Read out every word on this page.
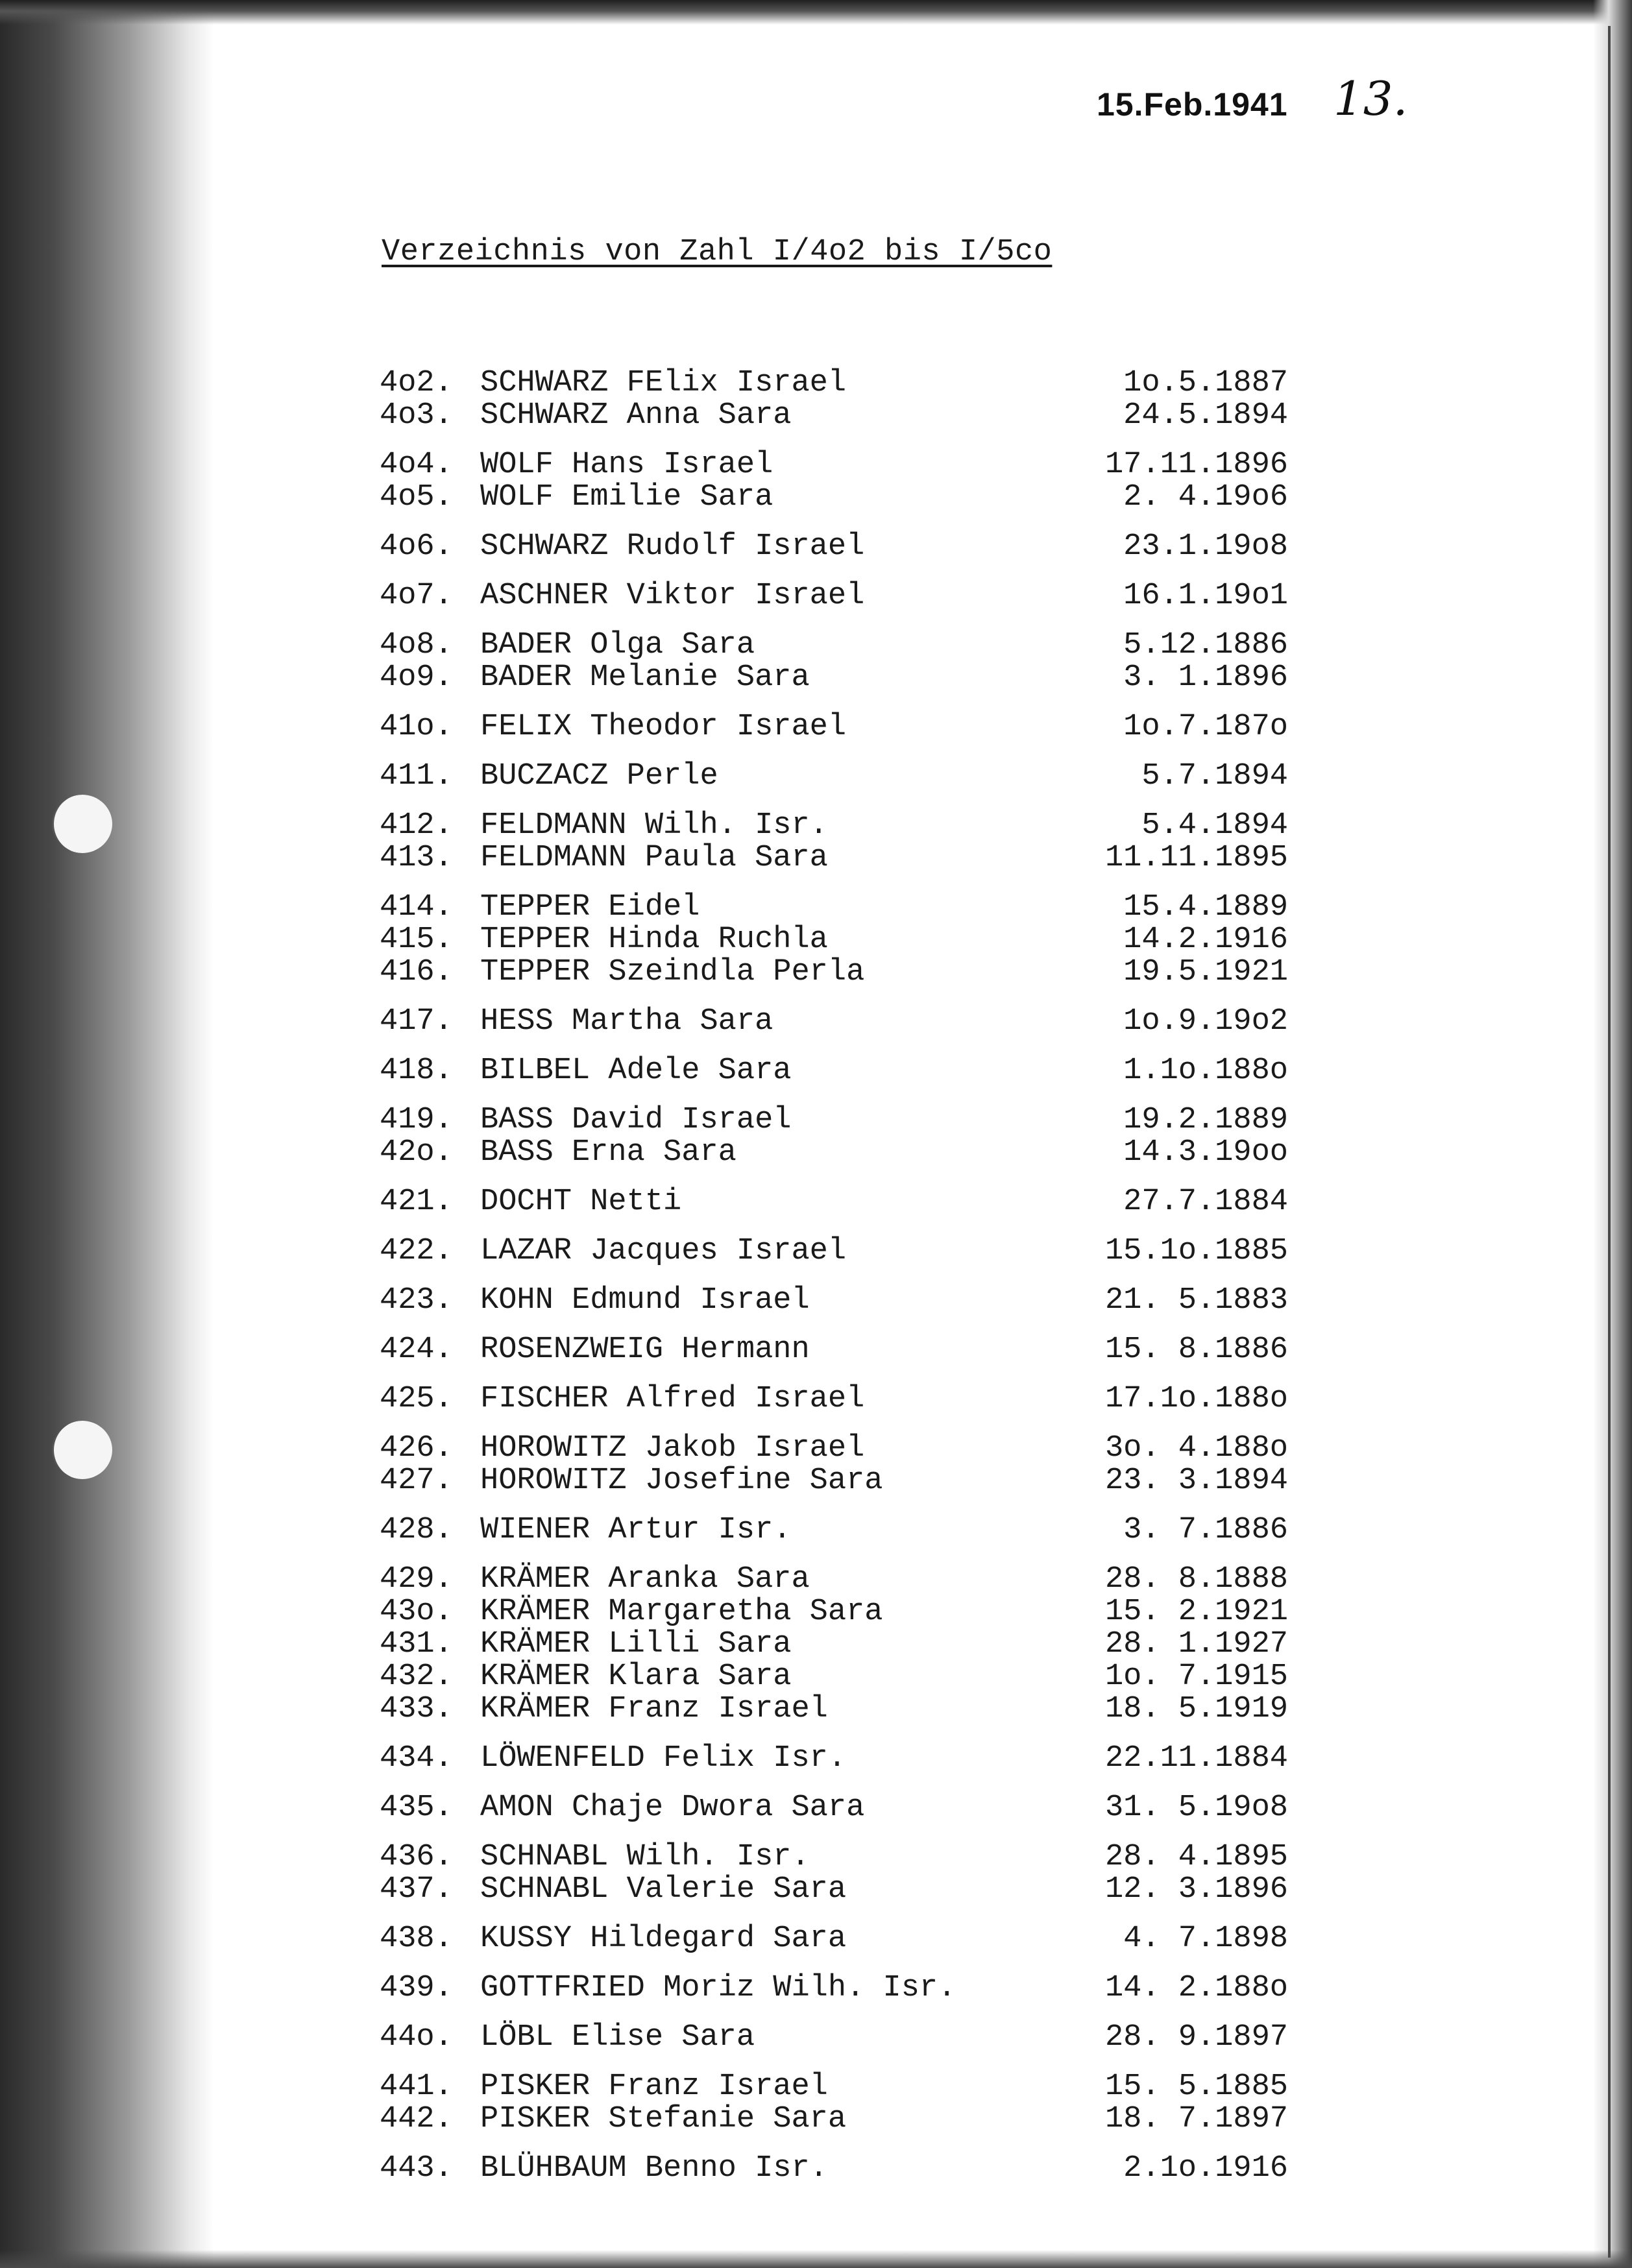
15.Feb.1941 13.
Verzeichnis von Zahl I/4o2 bis I/5co
4o2. SCHWARZ FElix Israel	1o.5.1887
4o3. SCHWARZ Anna Sara	24.5.1894
4o4. WOLF Hans Israel	17.11.1896
4o5. WOLF Emilie Sara	2. 4.19o6
4o6. SCHWARZ Rudolf Israel	23.1.19o8
4o7. ASCHNER Viktor Israel	16.1.19o1
4o8. BADER Olga Sara	5.12.1886
4o9. BADER Melanie Sara	3. 1.1896
41o. FELIX Theodor Israel	1o.7.187o
411. BUCZACZ Perle	5.7.1894
412. FELDMANN Wilh. Isr.	5.4.1894
413. FELDMANN Paula Sara	11.11.1895
414. TEPPER Eidel	15.4.1889
415. TEPPER Hinda Ruchla	14.2.1916
416. TEPPER Szeindla Perla	19.5.1921
417. HESS Martha Sara	1o.9.19o2
418. BILBEL Adele Sara	1.1o.188o
419. BASS David Israel	19.2.1889
42o. BASS Erna Sara	14.3.19oo
421. DOCHT Netti	27.7.1884
422. LAZAR Jacques Israel	15.1o.1885
423. KOHN Edmund Israel	21. 5.1883
424. ROSENZWEIG Hermann	15. 8.1886
425. FISCHER Alfred Israel	17.1o.188o
426. HOROWITZ Jakob Israel	3o. 4.188o
427. HOROWITZ Josefine Sara	23. 3.1894
428. WIENER Artur Isr.	3. 7.1886
429. KRÄMER Aranka Sara	28. 8.1888
43o. KRÄMER Margaretha Sara	15. 2.1921
431. KRÄMER Lilli Sara	28. 1.1927
432. KRÄMER Klara Sara	1o. 7.1915
433. KRÄMER Franz Israel	18. 5.1919
434. LÖWENFELD Felix Isr.	22.11.1884
435. AMON Chaje Dwora Sara	31. 5.19o8
436. SCHNABL Wilh. Isr.	28. 4.1895
437. SCHNABL Valerie Sara	12. 3.1896
438. KUSSY Hildegard Sara	4. 7.1898
439. GOTTFRIED Moriz Wilh. Isr.	14. 2.188o
44o. LÖBL Elise Sara	28. 9.1897
441. PISKER Franz Israel	15. 5.1885
442. PISKER Stefanie Sara	18. 7.1897
443. BLÜHBAUM Benno Isr.	2.1o.1916
